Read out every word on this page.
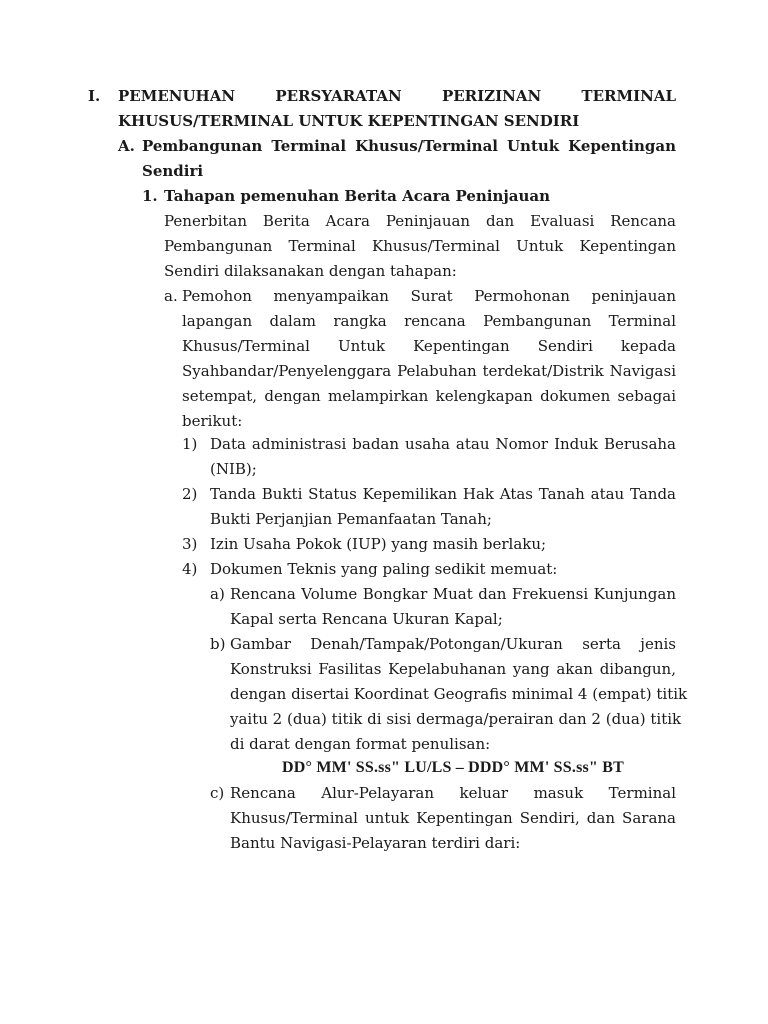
I. PEMENUHAN PERSYARATAN PERIZINAN TERMINAL
KHUSUS/TERMINAL UNTUK KEPENTINGAN SENDIRI
A. Pembangunan Terminal Khusus/Terminal Untuk Kepentingan
Sendiri
1. Tahapan pemenuhan Berita Acara Peninjauan
Penerbitan Berita Acara Peninjauan dan Evaluasi Rencana
Pembangunan Terminal Khusus/Terminal Untuk Kepentingan
Sendiri dilaksanakan dengan tahapan:
a. Pemohon menyampaikan Surat Permohonan peninjauan
lapangan dalam rangka rencana Pembangunan Terminal
Khusus/Terminal Untuk Kepentingan Sendiri kepada
Syahbandar/Penyelenggara Pelabuhan terdekat/Distrik Navigasi
setempat, dengan melampirkan kelengkapan dokumen sebagai
berikut:
1) Data administrasi badan usaha atau Nomor Induk Berusaha
(NIB);
2) Tanda Bukti Status Kepemilikan Hak Atas Tanah atau Tanda
Bukti Perjanjian Pemanfaatan Tanah;
3) Izin Usaha Pokok (IUP) yang masih berlaku;
4) Dokumen Teknis yang paling sedikit memuat:
a) Rencana Volume Bongkar Muat dan Frekuensi Kunjungan
Kapal serta Rencana Ukuran Kapal;
b) Gambar Denah/Tampak/Potongan/Ukuran serta jenis
Konstruksi Fasilitas Kepelabuhanan yang akan dibangun,
dengan disertai Koordinat Geografis minimal 4 (empat) titik
yaitu 2 (dua) titik di sisi dermaga/perairan dan 2 (dua) titik
di darat dengan format penulisan:
DD° MM' SS.ss" LU/LS – DDD° MM' SS.ss" BT
c) Rencana Alur-Pelayaran keluar masuk Terminal
Khusus/Terminal untuk Kepentingan Sendiri, dan Sarana
Bantu Navigasi-Pelayaran terdiri dari:
